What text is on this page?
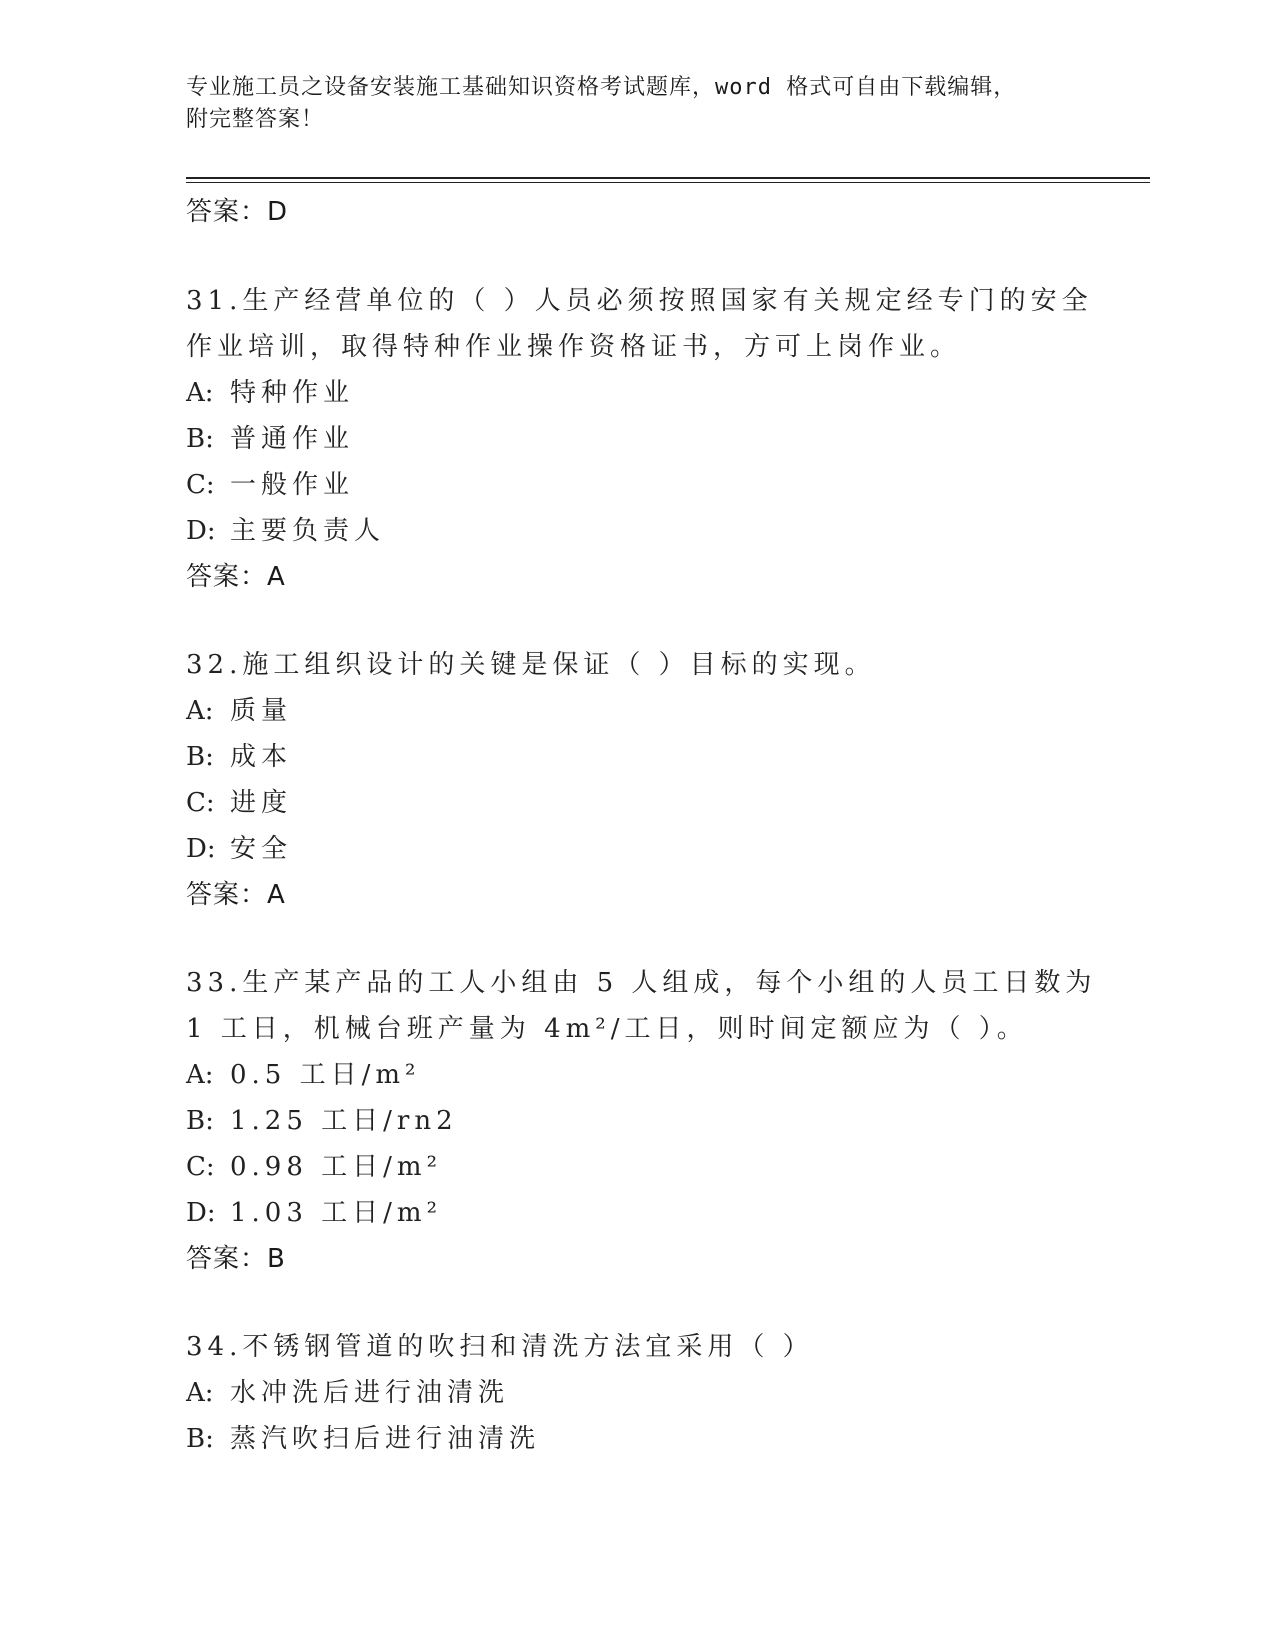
专业施工员之设备安装施工基础知识资格考试题库，word 格式可自由下载编辑，
附完整答案！
答案：D
31.生产经营单位的（ ）人员必须按照国家有关规定经专门的安全作业培训，取得特种作业操作资格证书，方可上岗作业。
A: 特种作业
B: 普通作业
C: 一般作业
D: 主要负责人
答案：A
32.施工组织设计的关键是保证（ ）目标的实现。
A: 质量
B: 成本
C: 进度
D: 安全
答案：A
33.生产某产品的工人小组由 5 人组成，每个小组的人员工日数为 1 工日，机械台班产量为 4m²/工日，则时间定额应为（ ）。
A: 0.5 工日/m²
B: 1.25 工日/rn2
C: 0.98 工日/m²
D: 1.03 工日/m²
答案：B
34.不锈钢管道的吹扫和清洗方法宜采用（ ）
A: 水冲洗后进行油清洗
B: 蒸汽吹扫后进行油清洗
